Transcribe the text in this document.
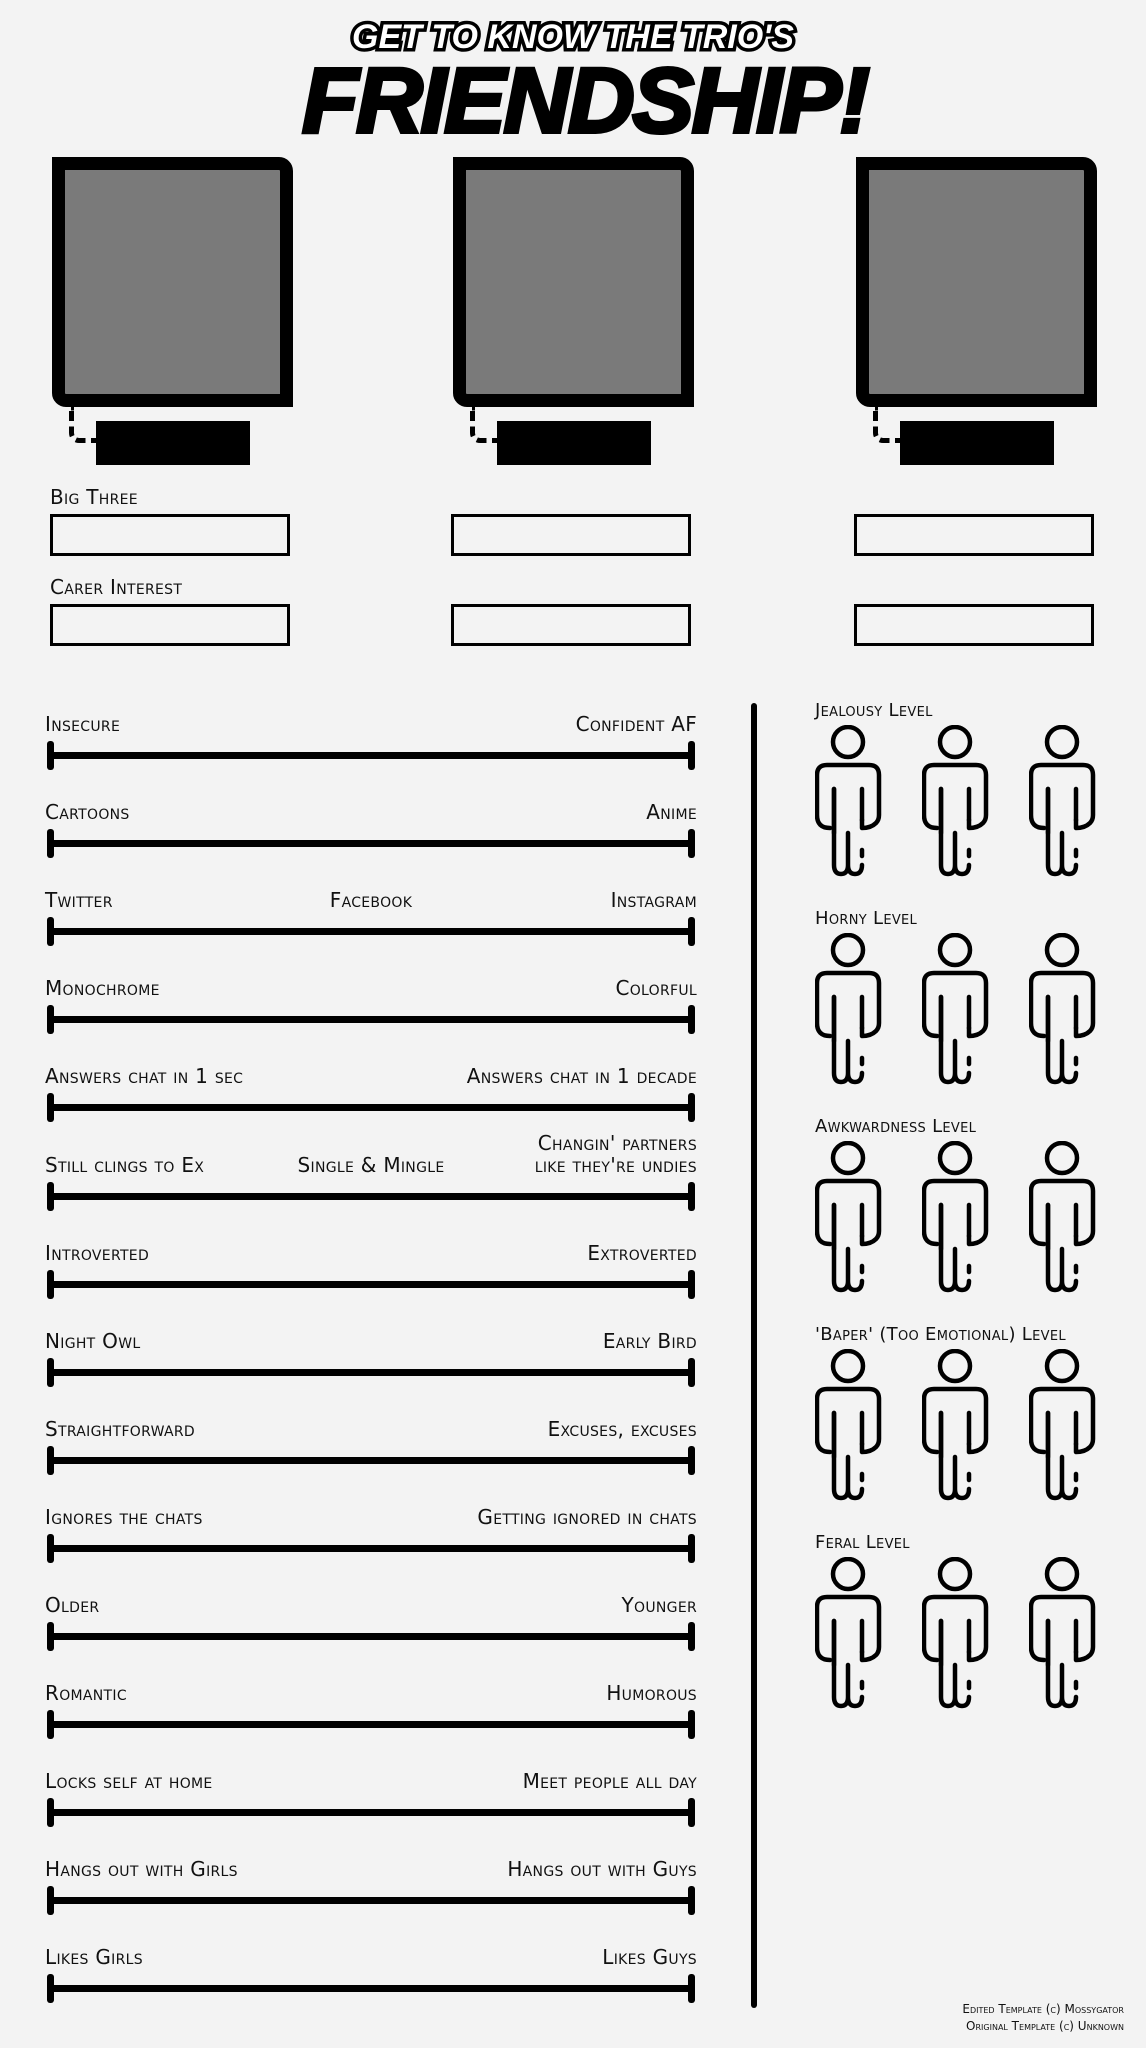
GET TO KNOW THE TRIO'S
FRIENDSHIP!
Big Three
Carer Interest
Insecure	Confident AF
Cartoons	Anime
Twitter	Facebook	Instagram
Monochrome	Colorful
Answers chat in 1 sec	Answers chat in 1 decade
Still clings to Ex	Single & Mingle
Changin' partners
like they're undies
Introverted	Extroverted
Night Owl	Early Bird
Straightforward	Excuses, excuses
Ignores the chats	Getting ignored in chats
Older	Younger
Romantic	Humorous
Locks self at home	Meet people all day
Hangs out with Girls	Hangs out with Guys
Likes Girls	Likes Guys
Jealousy Level
Horny Level
Awkwardness Level
'Baper' (Too Emotional) Level
Feral Level
Edited Template (c) Mossygator
Original Template (c) Unknown
